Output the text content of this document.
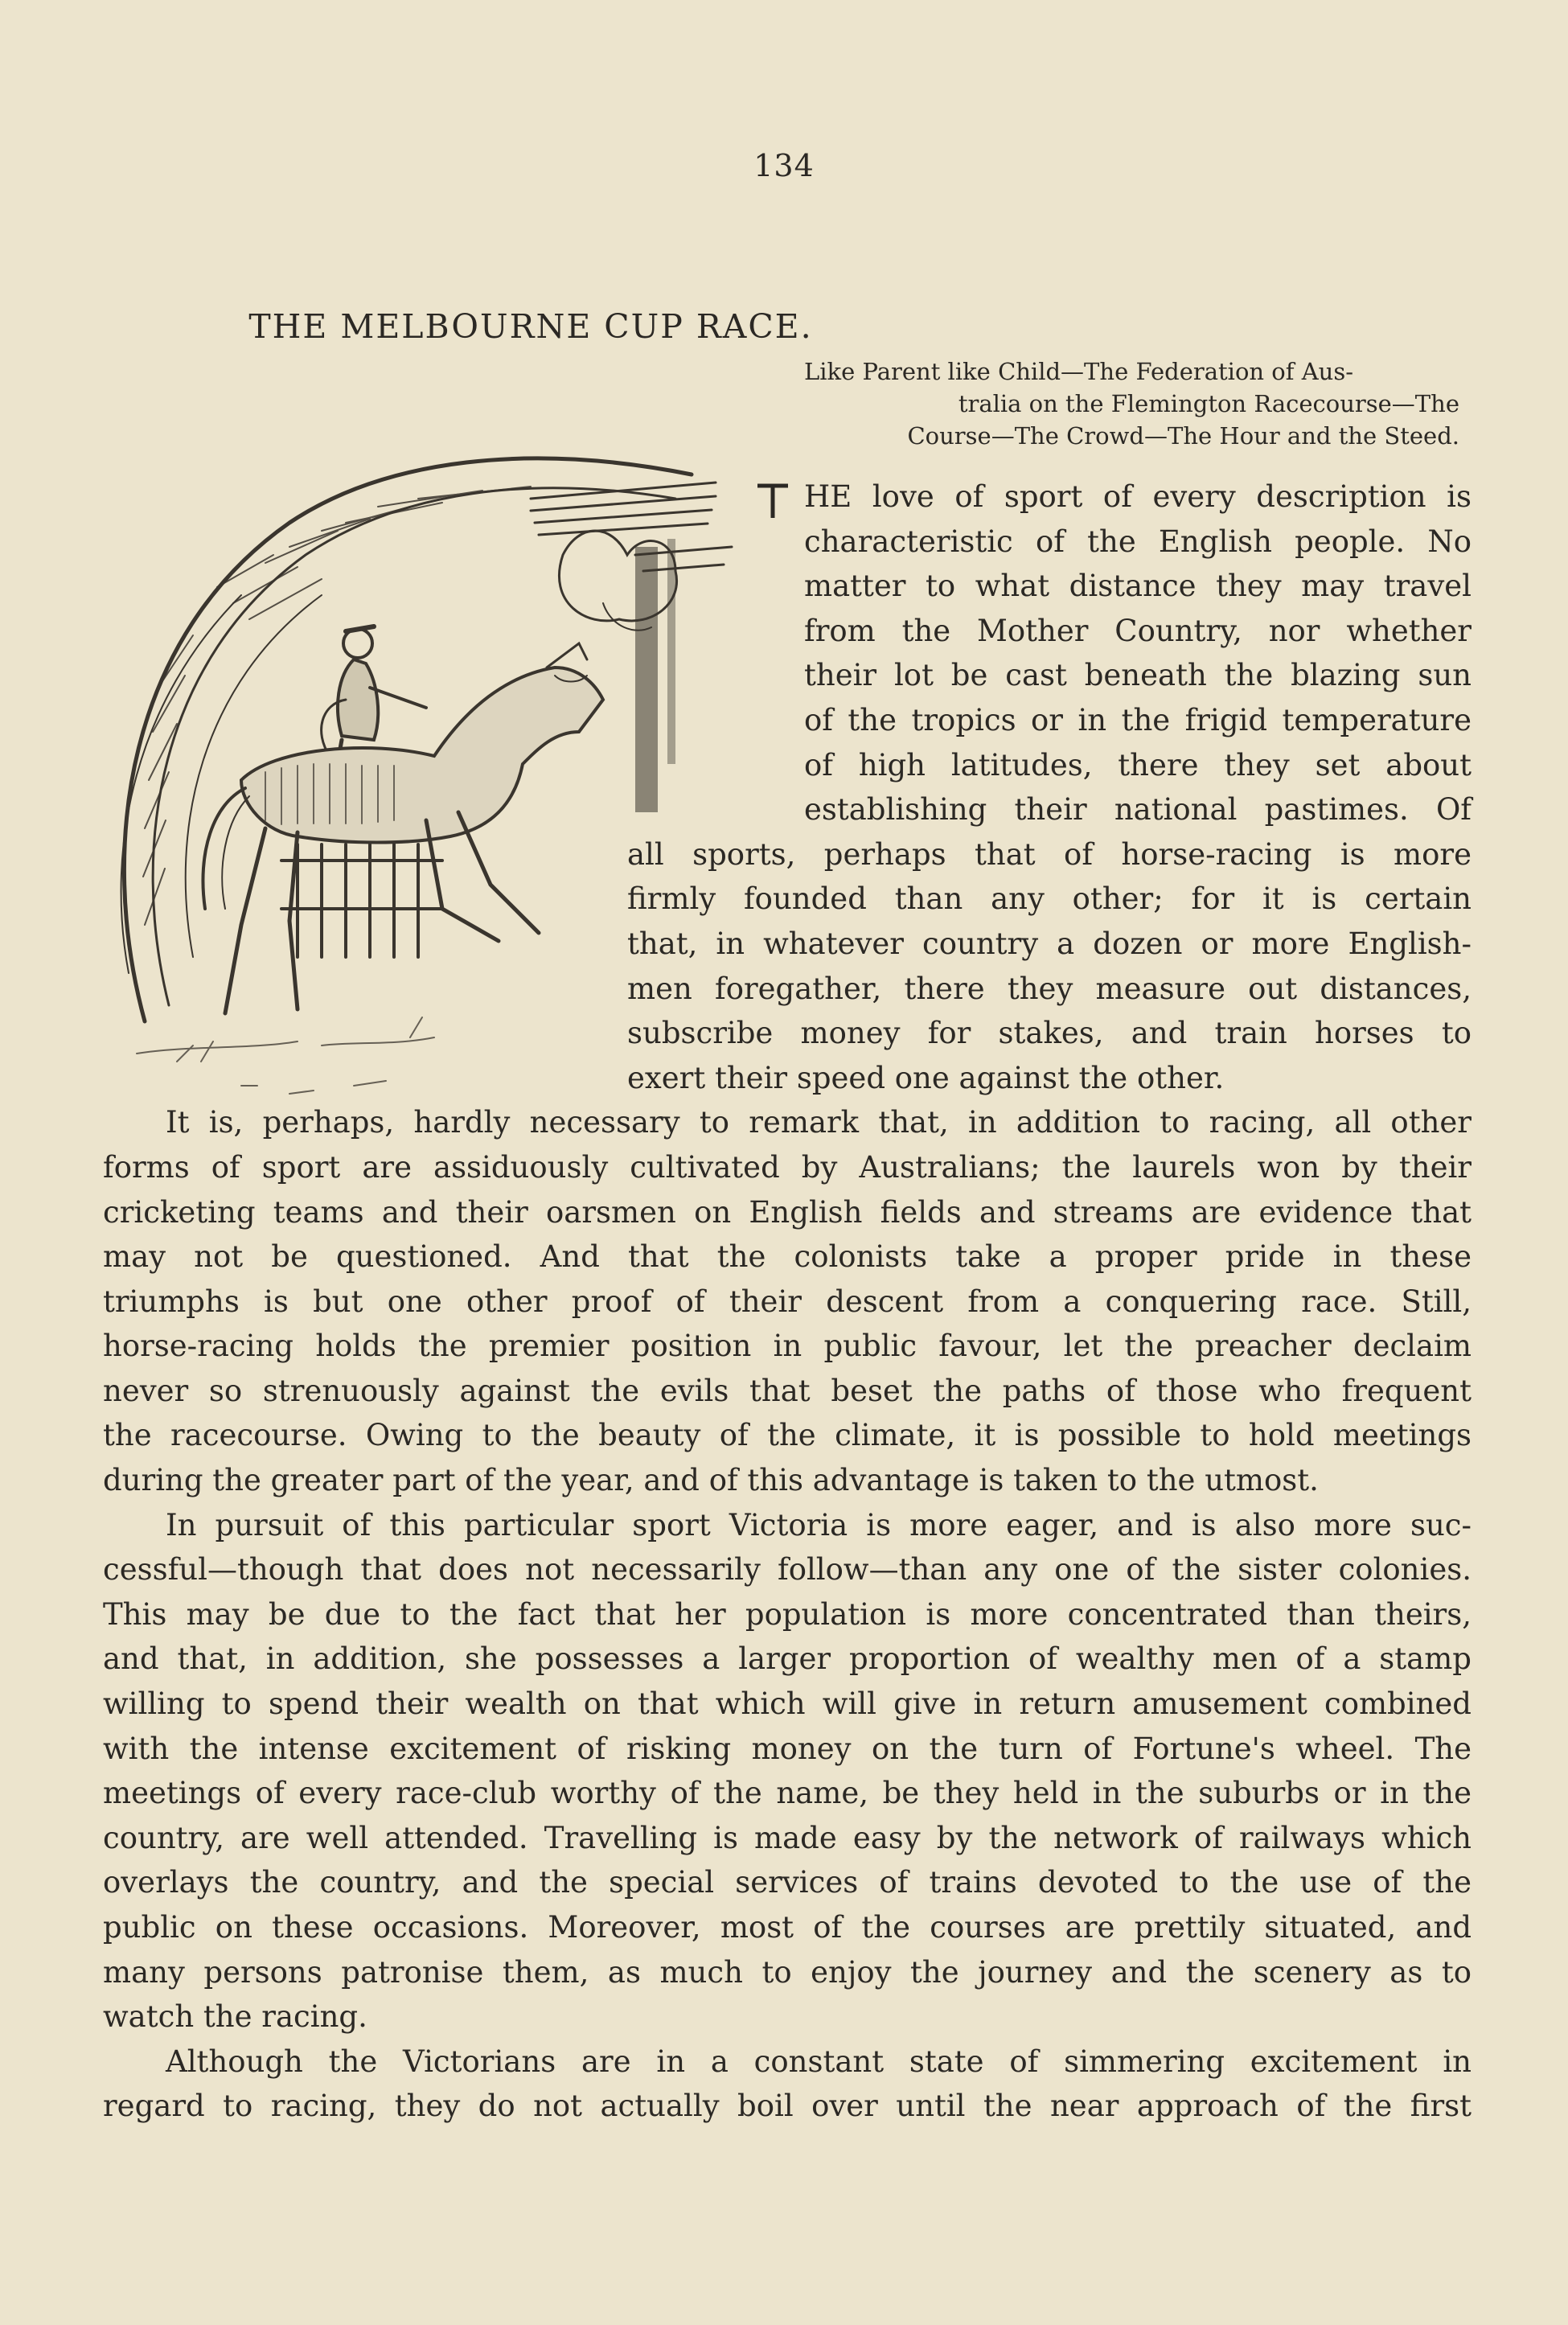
134
THE MELBOURNE CUP RACE.
Like Parent like Child—The Federation of Aus-
tralia on the Flemington Racecourse—The
Course—The Crowd—The Hour and the Steed.
HE love of sport of every description is
characteristic of the English people. No
matter to what distance they may travel
from the Mother Country, nor whether
their lot be cast beneath the blazing sun
of the tropics or in the frigid temperature
of high latitudes, there they set about
establishing their national pastimes. Of
all sports, perhaps that of horse-racing is more
firmly founded than any other; for it is certain
that, in whatever country a dozen or more English-
men foregather, there they measure out distances,
subscribe money for stakes, and train horses to
exert their speed one against the other.
It is, perhaps, hardly necessary to remark that, in addition to racing, all other
forms of sport are assiduously cultivated by Australians; the laurels won by their
cricketing teams and their oarsmen on English fields and streams are evidence that
may not be questioned. And that the colonists take a proper pride in these
triumphs is but one other proof of their descent from a conquering race. Still,
horse-racing holds the premier position in public favour, let the preacher declaim
never so strenuously against the evils that beset the paths of those who frequent
the racecourse. Owing to the beauty of the climate, it is possible to hold meetings
during the greater part of the year, and of this advantage is taken to the utmost.
In pursuit of this particular sport Victoria is more eager, and is also more suc-
cessful—though that does not necessarily follow—than any one of the sister colonies.
This may be due to the fact that her population is more concentrated than theirs,
and that, in addition, she possesses a larger proportion of wealthy men of a stamp
willing to spend their wealth on that which will give in return amusement combined
with the intense excitement of risking money on the turn of Fortune's wheel. The
meetings of every race-club worthy of the name, be they held in the suburbs or in the
country, are well attended. Travelling is made easy by the network of railways which
overlays the country, and the special services of trains devoted to the use of the
public on these occasions. Moreover, most of the courses are prettily situated, and
many persons patronise them, as much to enjoy the journey and the scenery as to
watch the racing.
Although the Victorians are in a constant state of simmering excitement in
regard to racing, they do not actually boil over until the near approach of the first
